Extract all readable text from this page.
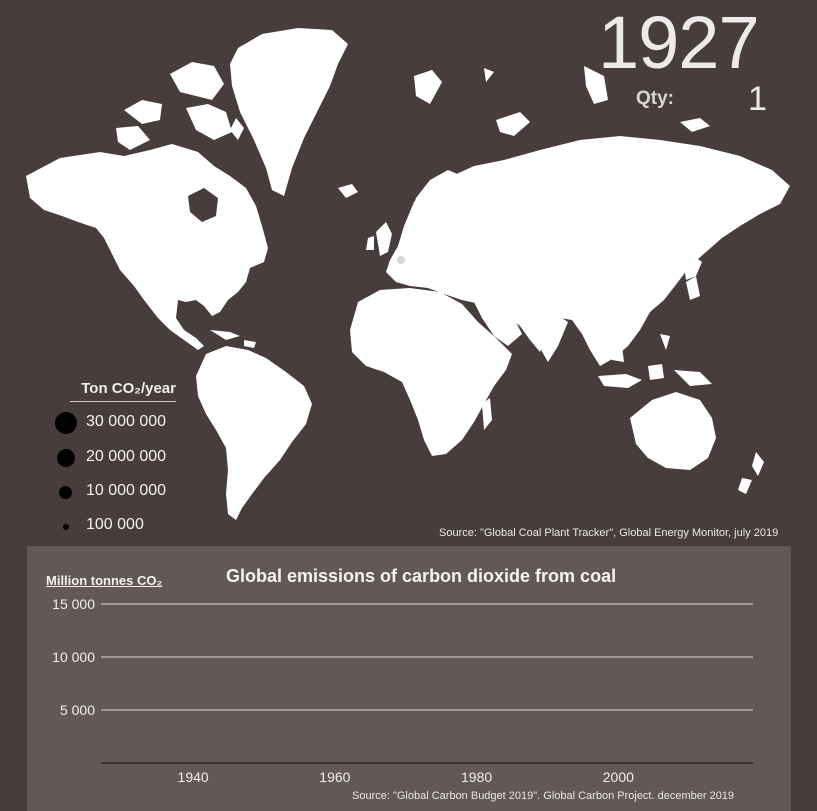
1927
Qty: 1
Ton CO₂/year
30 000 000
20 000 000
10 000 000
100 000	Source: "Global Coal Plant Tracker", Global Energy Monitor, july 2019
5 000
10 000
15 000
1940	1960	1980	2000
Million tonnes CO₂	Global emissions of carbon dioxide from coal
Source: "Global Carbon Budget 2019". Global Carbon Project. december 2019
